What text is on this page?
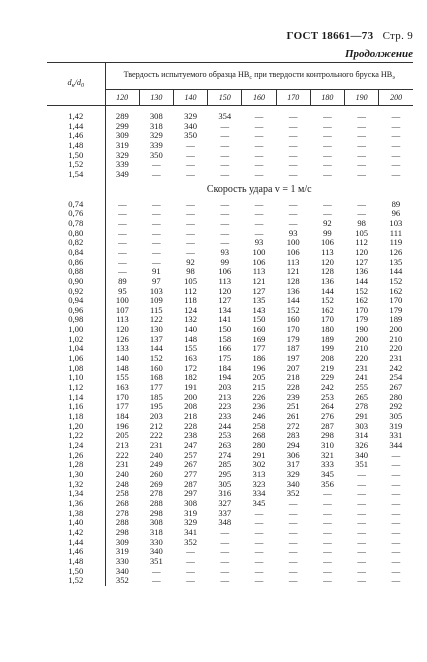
ГОСТ 18661—73 Стр. 9
Продолжение
$d_н/d_0$	Твердость испытуемого образца $HB_c$ при твердости контрольного бруска $HB_э$
	120	130	140	150	160	170	180	190	200

1,42	289	308	329	354	—	—	—	—	—
1,44	299	318	340	—	—	—	—	—	—
1,46	309	329	350	—	—	—	—	—	—
1,48	319	339	—	—	—	—	—	—	—
1,50	329	350	—	—	—	—	—	—	—
1,52	339	—	—	—	—	—	—	—	—
1,54	349	—	—	—	—	—	—	—	—
	Скорость удара v = 1 м/с								
0,74	—	—	—	—	—	—	—	—	89
0,76	—	—	—	—	—	—	—	—	96
0,78	—	—	—	—	—	—	92	98	103
0,80	—	—	—	—	—	93	99	105	111
0,82	—	—	—	—	93	100	106	112	119
0,84	—	—	—	93	100	106	113	120	126
0,86	—	—	92	99	106	113	120	127	135
0,88	—	91	98	106	113	121	128	136	144
0,90	89	97	105	113	121	128	136	144	152
0,92	95	103	112	120	127	136	144	152	162
0,94	100	109	118	127	135	144	152	162	170
0,96	107	115	124	134	143	152	162	170	179
0,98	113	122	132	141	150	160	170	179	189
1,00	120	130	140	150	160	170	180	190	200
1,02	126	137	148	158	169	179	189	200	210
1,04	133	144	155	166	177	187	199	210	220
1,06	140	152	163	175	186	197	208	220	231
1,08	148	160	172	184	196	207	219	231	242
1,10	155	168	182	194	205	218	229	241	254
1,12	163	177	191	203	215	228	242	255	267
1,14	170	185	200	213	226	239	253	265	280
1,16	177	195	208	223	236	251	264	278	292
1,18	184	203	218	233	246	261	276	291	305
1,20	196	212	228	244	258	272	287	303	319
1,22	205	222	238	253	268	283	298	314	331
1,24	213	231	247	263	280	294	310	326	344
1,26	222	240	257	274	291	306	321	340	—
1,28	231	249	267	285	302	317	333	351	—
1,30	240	260	277	295	313	329	345	—	—
1,32	248	269	287	305	323	340	356	—	—
1,34	258	278	297	316	334	352	—	—	—
1,36	268	288	308	327	345	—	—	—	—
1,38	278	298	319	337	—	—	—	—	—
1,40	288	308	329	348	—	—	—	—	—
1,42	298	318	341	—	—	—	—	—	—
1,44	309	330	352	—	—	—	—	—	—
1,46	319	340	—	—	—	—	—	—	—
1,48	330	351	—	—	—	—	—	—	—
1,50	340	—	—	—	—	—	—	—	—
1,52	352	—	—	—	—	—	—	—	—
